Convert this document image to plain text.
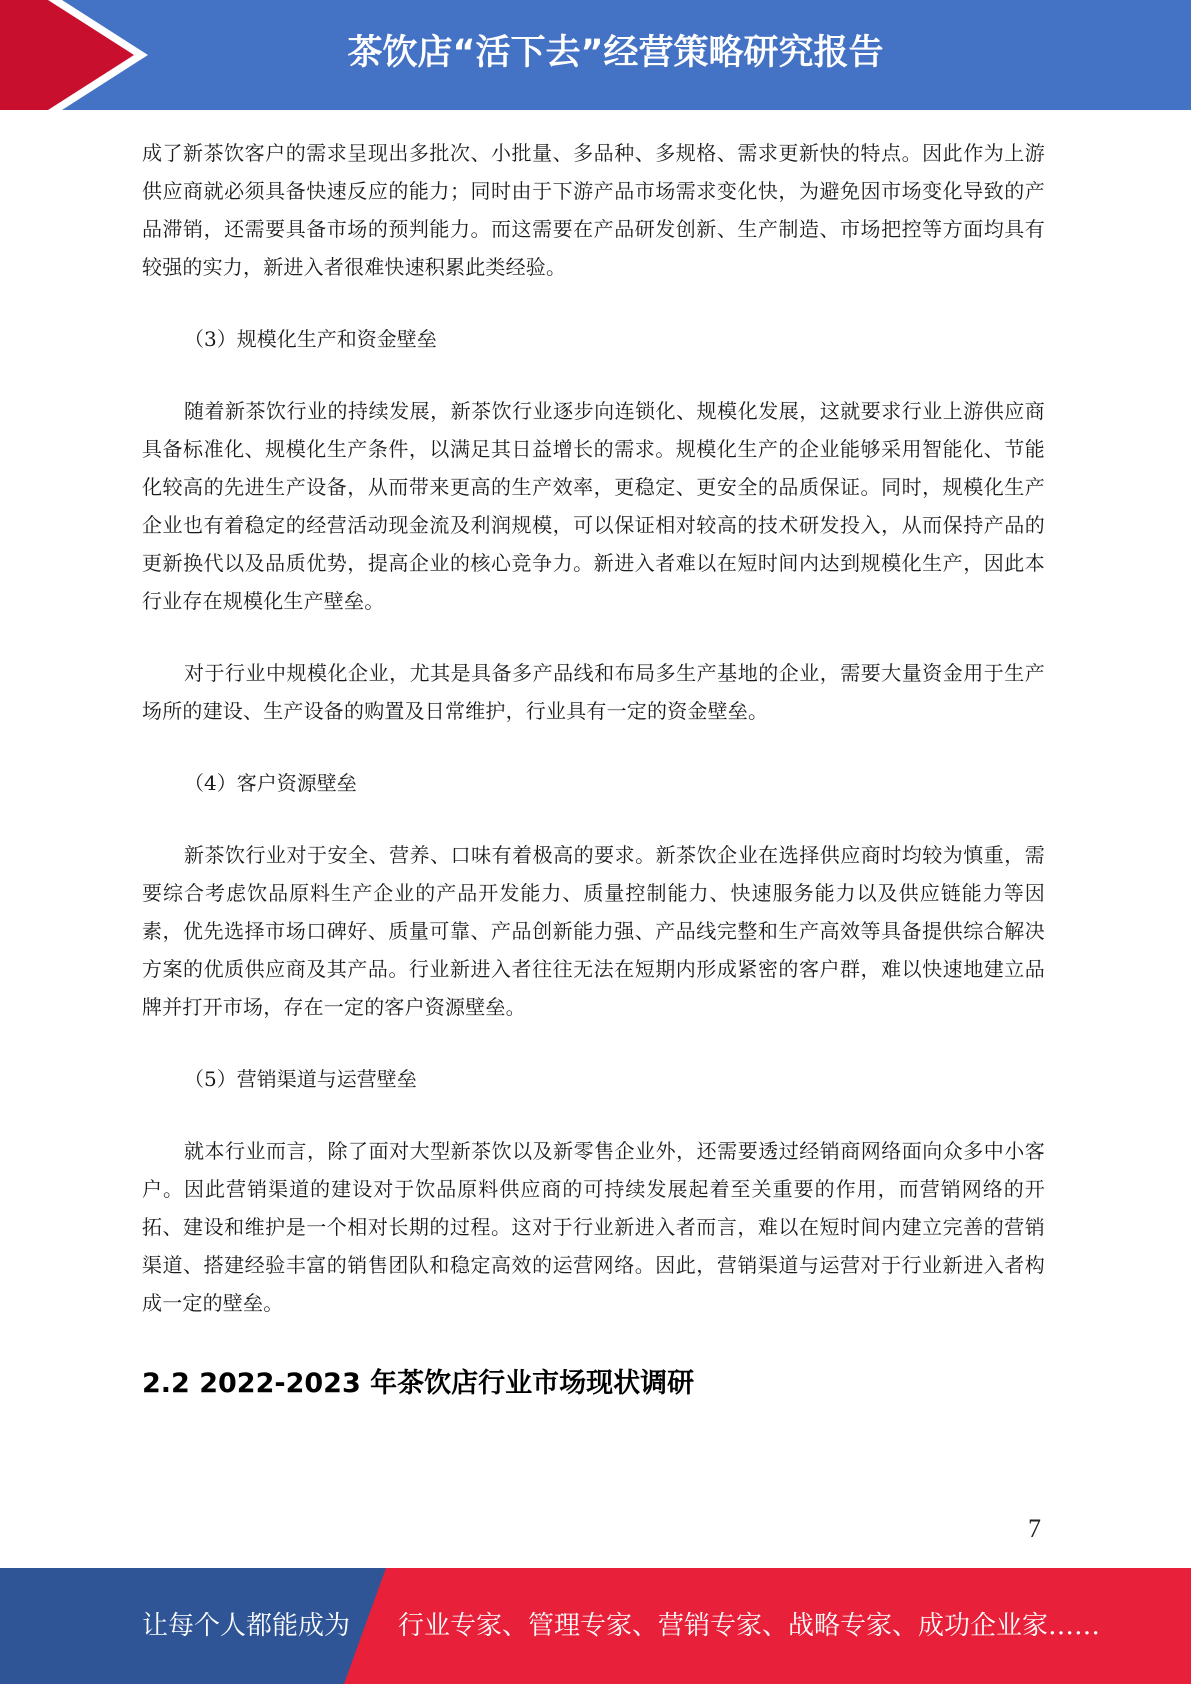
茶饮店“活下去”经营策略研究报告

成了新茶饮客户的需求呈现出多批次、小批量、多品种、多规格、需求更新快的特点。因此作为上游供应商就必须具备快速反应的能力；同时由于下游产品市场需求变化快，为避免因市场变化导致的产品滞销，还需要具备市场的预判能力。而这需要在产品研发创新、生产制造、市场把控等方面均具有较强的实力，新进入者很难快速积累此类经验。

（3）规模化生产和资金壁垒

随着新茶饮行业的持续发展，新茶饮行业逐步向连锁化、规模化发展，这就要求行业上游供应商具备标准化、规模化生产条件，以满足其日益增长的需求。规模化生产的企业能够采用智能化、节能化较高的先进生产设备，从而带来更高的生产效率，更稳定、更安全的品质保证。同时，规模化生产企业也有着稳定的经营活动现金流及利润规模，可以保证相对较高的技术研发投入，从而保持产品的更新换代以及品质优势，提高企业的核心竞争力。新进入者难以在短时间内达到规模化生产，因此本行业存在规模化生产壁垒。

对于行业中规模化企业，尤其是具备多产品线和布局多生产基地的企业，需要大量资金用于生产场所的建设、生产设备的购置及日常维护，行业具有一定的资金壁垒。

（4）客户资源壁垒

新茶饮行业对于安全、营养、口味有着极高的要求。新茶饮企业在选择供应商时均较为慎重，需要综合考虑饮品原料生产企业的产品开发能力、质量控制能力、快速服务能力以及供应链能力等因素，优先选择市场口碑好、质量可靠、产品创新能力强、产品线完整和生产高效等具备提供综合解决方案的优质供应商及其产品。行业新进入者往往无法在短期内形成紧密的客户群，难以快速地建立品牌并打开市场，存在一定的客户资源壁垒。

（5）营销渠道与运营壁垒

就本行业而言，除了面对大型新茶饮以及新零售企业外，还需要透过经销商网络面向众多中小客户。因此营销渠道的建设对于饮品原料供应商的可持续发展起着至关重要的作用，而营销网络的开拓、建设和维护是一个相对长期的过程。这对于行业新进入者而言，难以在短时间内建立完善的营销渠道、搭建经验丰富的销售团队和稳定高效的运营网络。因此，营销渠道与运营对于行业新进入者构成一定的壁垒。

2.2 2022-2023 年茶饮店行业市场现状调研
7
让每个人都能成为 行业专家、管理专家、营销专家、战略专家、成功企业家……
